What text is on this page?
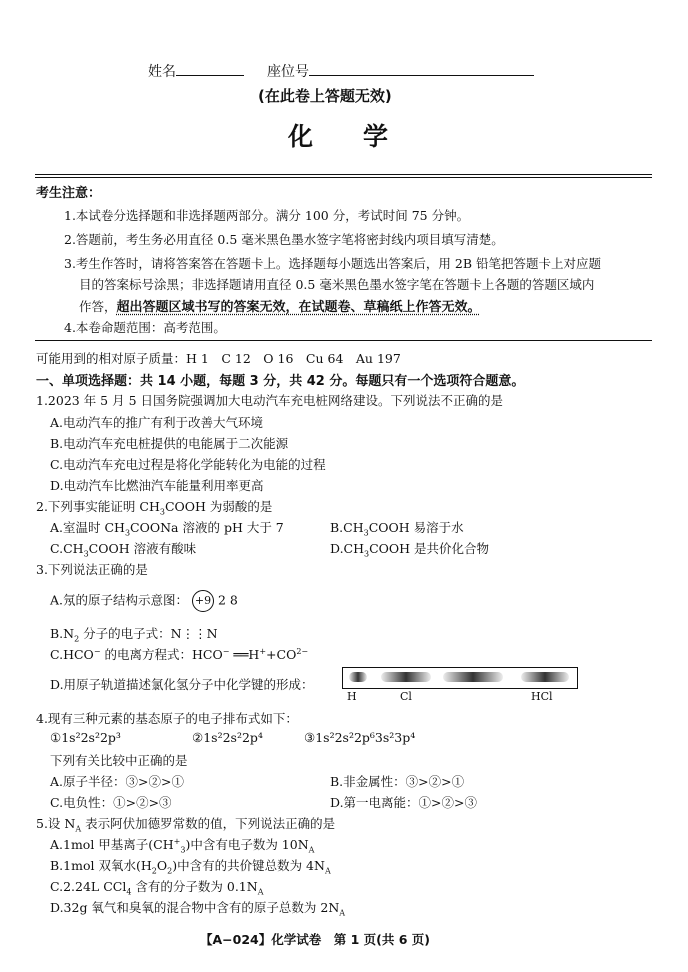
姓名	座位号
(在此卷上答题无效)
化　　学
考生注意：
1.本试卷分选择题和非选择题两部分。满分 100 分，考试时间 75 分钟。
2.答题前，考生务必用直径 0.5 毫米黑色墨水签字笔将密封线内项目填写清楚。
3.考生作答时，请将答案答在答题卡上。选择题每小题选出答案后，用 2B 铅笔把答题卡上对应题
目的答案标号涂黑；非选择题请用直径 0.5 毫米黑色墨水签字笔在答题卡上各题的答题区域内
作答，超出答题区域书写的答案无效，在试题卷、草稿纸上作答无效。
4.本卷命题范围：高考范围。
可能用到的相对原子质量：H 1　C 12　O 16　Cu 64　Au 197
一、单项选择题：共 14 小题，每题 3 分，共 42 分。每题只有一个选项符合题意。
1.2023 年 5 月 5 日国务院强调加大电动汽车充电桩网络建设。下列说法不正确的是
A.电动汽车的推广有利于改善大气环境
B.电动汽车充电桩提供的电能属于二次能源
C.电动汽车充电过程是将化学能转化为电能的过程
D.电动汽车比燃油汽车能量利用率更高
2.下列事实能证明 $CH_3COOH$ 为弱酸的是
A.室温时 $CH_3COONa$ 溶液的 pH 大于 7	$B.CH_3COOH$ 易溶于水
$C.CH_3COOH$ 溶液有酸味	$D.CH_3COOH$ 是共价化合物
3.下列说法正确的是
A.氖的原子结构示意图： +9 2 8
$B.N_2$ 分子的电子式：N⋮⋮N
C.HCO− 的电离方程式：HCO− $══H^++CO^{2-}$
D.用原子轨道描述氯化氢分子中化学键的形成：
H	Cl	HCl
4.现有三种元素的基态原子的电子排布式如下：
①1s²2s²2p³	②1s²2s²2p⁴	③1s²2s²2p⁶3s²3p⁴
下列有关比较中正确的是
A.原子半径：③>②>①	B.非金属性：③>②>①
C.电负性：①>②>③	D.第一电离能：①>②>③
5.设 $N_A$ 表示阿伏加德罗常数的值，下列说法正确的是
A.1mol 甲基离子$(CH^+_3)$中含有电子数为 $10N_A$
B.1mol 双氧水$(H_2O_2)$中含有的共价键总数为 $4N_A$
C.2.24L CCl$_4$ 含有的分子数为 $0.1N_A$
D.32g 氧气和臭氧的混合物中含有的原子总数为 $2N_A$
【A−024】化学试卷　第 1 页(共 6 页)
